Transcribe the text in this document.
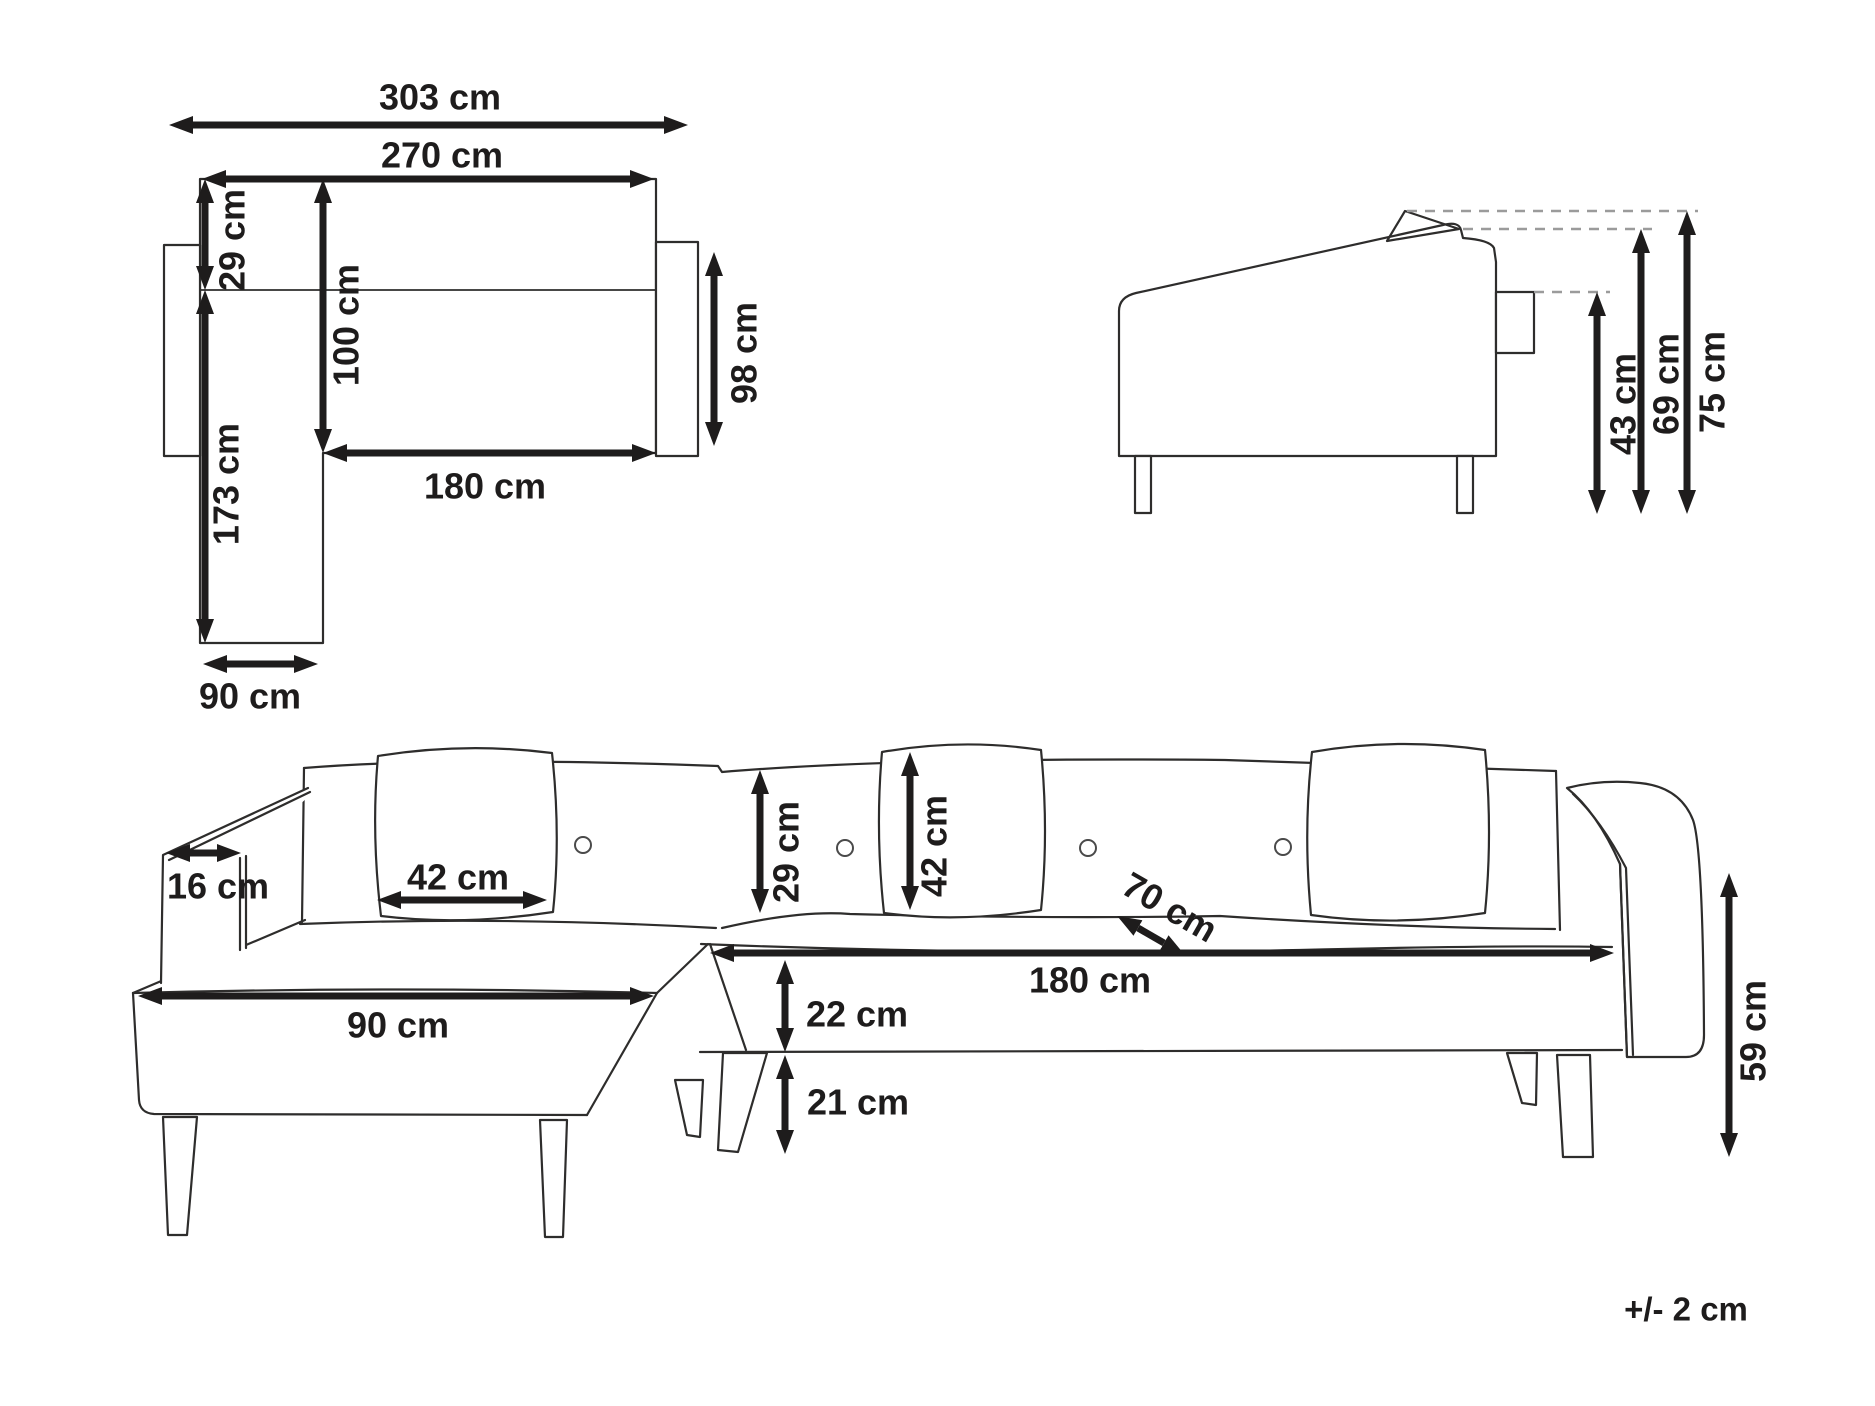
303 cm
270 cm
29 cm
100 cm	98 cm
180 cm
173 cm
90 cm
43 cm 69 cm 75 cm
16 cm	42 cm
90 cm
29 cm	42 cm
70 cm
180 cm
22 cm
21 cm
59 cm
+/- 2 cm
